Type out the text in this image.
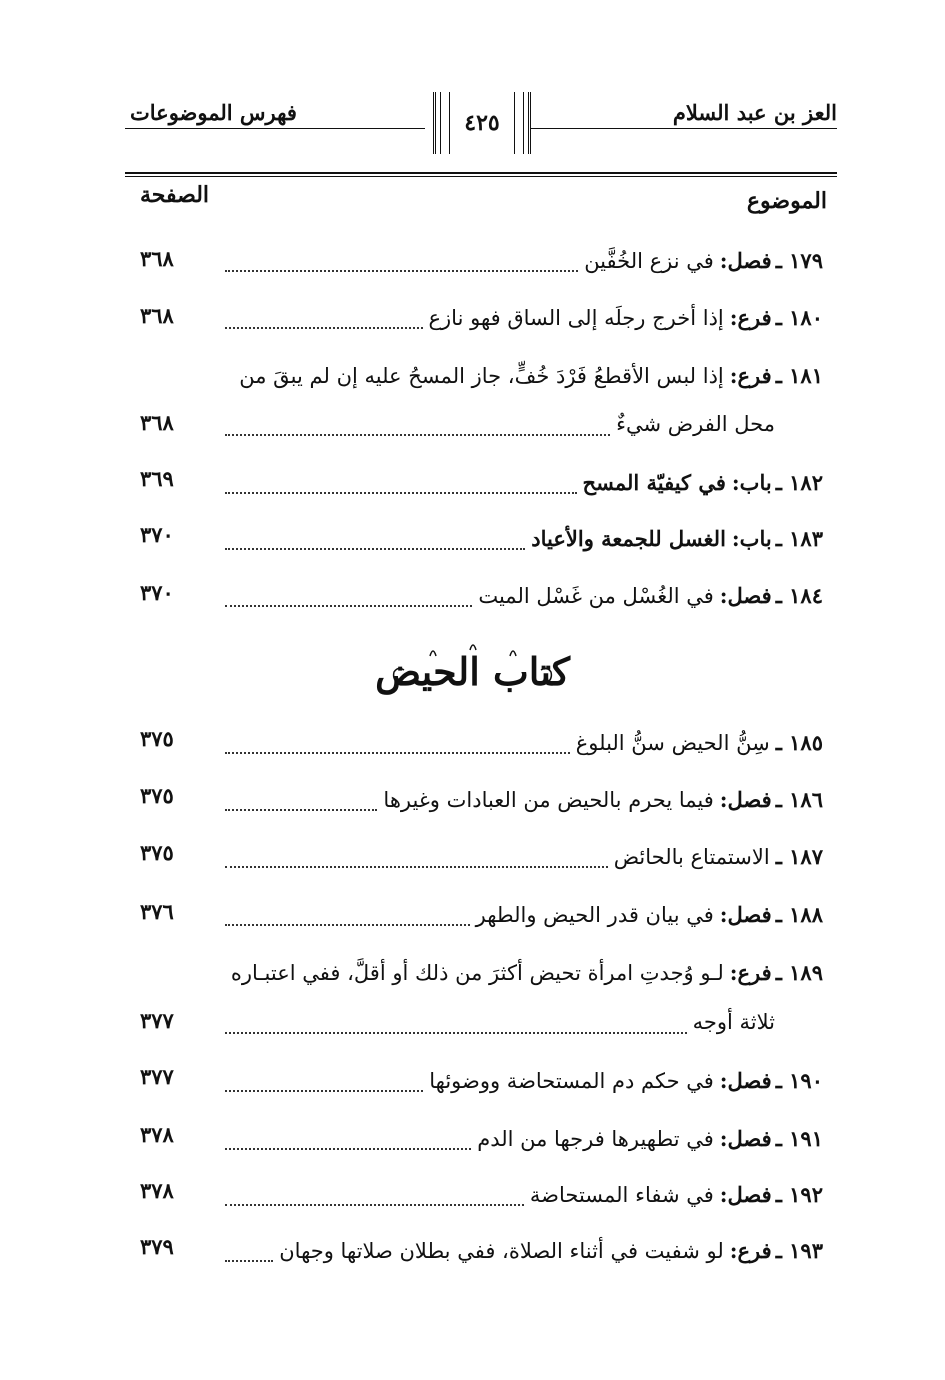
العز بن عبد السلام
فهرس الموضوعات	٤٢٥
الموضوع
الصفحة
١٧٩ ـ
فصل:
في نزع الخُفَّين
٣٦٨
١٨٠ ـ
فرع:
إذا أخرج رجلَه إلى الساق فهو نازع
٣٦٨
١٨١ ـ
فرع:
إذا لبس الأقطعُ فَرْدَ خُفٍّ، جاز المسحُ عليه إن لم يبقَ من
محل الفرض شيءٌ
٣٦٨
١٨٢ ـ
باب:
في كيفيّة المسح
٣٦٩
١٨٣ ـ
باب:
الغسل للجمعة والأعياد
٣٧٠
١٨٤ ـ
فصل:
في الغُسْل من غَسْل الميت
٣٧٠
كتاب الحيض
١٨٥ ـ
سِنُّ الحيض سنُّ البلوغ
٣٧٥
١٨٦ ـ
فصل:
فيما يحرم بالحيض من العبادات وغيرها
٣٧٥
١٨٧ ـ
الاستمتاع بالحائض
٣٧٥
١٨٨ ـ
فصل:
في بيان قدر الحيض والطهر
٣٧٦
١٨٩ ـ
فرع:
لـو وُجدتِ امرأة تحيض أكثرَ من ذلك أو أقلَّ، ففي اعتبـاره
ثلاثة أوجه
٣٧٧
١٩٠ ـ
فصل:
في حكم دم المستحاضة ووضوئها
٣٧٧
١٩١ ـ
فصل:
في تطهيرها فرجها من الدم
٣٧٨
١٩٢ ـ
فصل:
في شفاء المستحاضة
٣٧٨
١٩٣ ـ
فرع:
لو شفيت في أثناء الصلاة، ففي بطلان صلاتها وجهان
٣٧٩
